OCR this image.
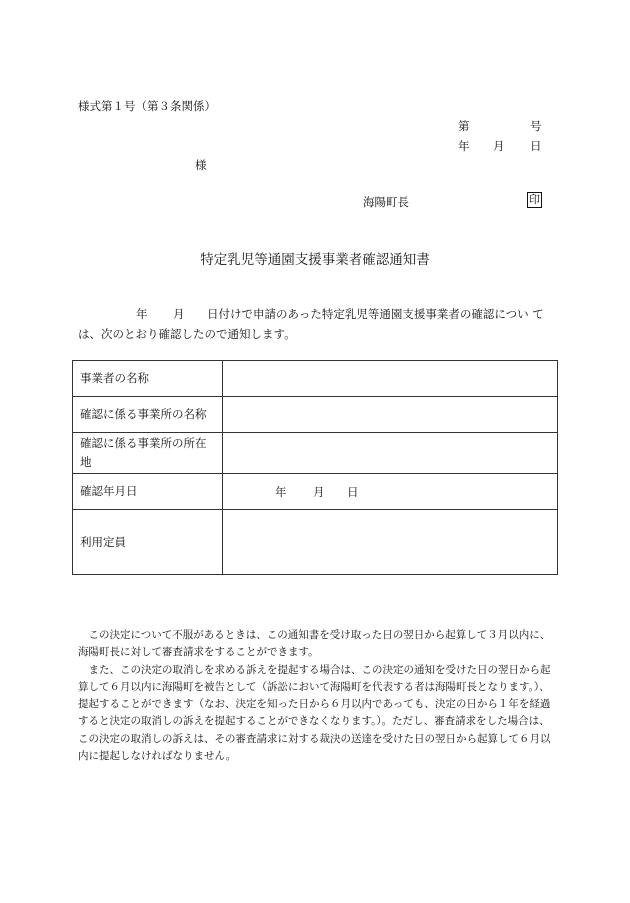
様式第１号（第３条関係）
第	号
年 月 日
様
海陽町長	印
特定乳児等通園支援事業者確認通知書
年 月 日付けで申請のあった特定乳児等通園支援事業者の確認につい て
は、次のとおり確認したので通知します。
事業者の名称	
確認に係る事業所の名称	
確認に係る事業所の所在地	
確認年月日	年 月 日

利用定員	

この決定について不服があるときは、この通知書を受け取った日の翌日から起算して３月以内に、海陽町長に対して審査請求をすることができます。

また、この決定の取消しを求める訴えを提起する場合は、この決定の通知を受けた日の翌日から起算して６月以内に海陽町を被告として（訴訟において海陽町を代表する者は海陽町長となります。）、提起することができます（なお、決定を知った日から６月以内であっても、決定の日から１年を経過すると決定の取消しの訴えを提起することができなくなります。）。ただし、審査請求をした場合は、この決定の取消しの訴えは、その審査請求に対する裁決の送達を受けた日の翌日から起算して６月以内に提起しなければなりません。
